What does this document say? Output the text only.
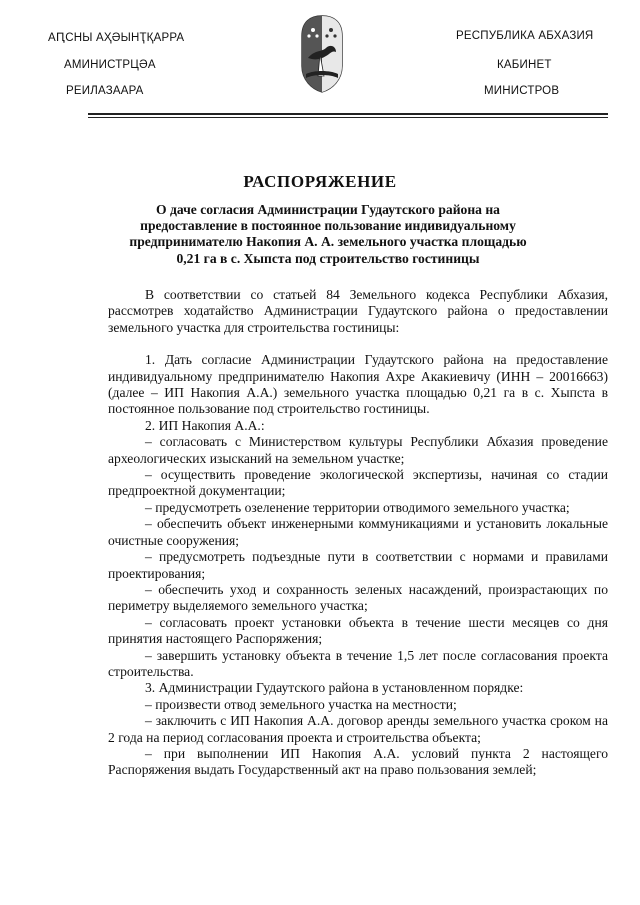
АԤСНЫ АҲӘЫНҬҚАРРА
АМИНИСТРЦӘА
РЕИЛАЗААРА
РЕСПУБЛИКА АБХАЗИЯ
КАБИНЕТ
МИНИСТРОВ
РАСПОРЯЖЕНИЕ
О даче согласия Администрации Гудаутского района на
предоставление в постоянное пользование индивидуальному
предпринимателю Накопия А. А. земельного участка площадью
0,21 га в с. Хыпста под строительство гостиницы

В соответствии со статьей 84 Земельного кодекса Республики Абхазия, рассмотрев ходатайство Администрации Гудаутского района о предоставлении земельного участка для строительства гостиницы:

1. Дать согласие Администрации Гудаутского района на предоставление индивидуальному предпринимателю Накопия Ахре Акакиевичу (ИНН – 20016663) (далее – ИП Накопия А.А.) земельного участка площадью 0,21 га в с. Хыпста в постоянное пользование под строительство гостиницы.

2. ИП Накопия А.А.:

– согласовать с Министерством культуры Республики Абхазия проведение археологических изысканий на земельном участке;

– осуществить проведение экологической экспертизы, начиная со стадии предпроектной документации;

– предусмотреть озеленение территории отводимого земельного участка;

– обеспечить объект инженерными коммуникациями и установить локальные очистные сооружения;

– предусмотреть подъездные пути в соответствии с нормами и правилами проектирования;

– обеспечить уход и сохранность зеленых насаждений, произрастающих по периметру выделяемого земельного участка;

– согласовать проект установки объекта в течение шести месяцев со дня принятия настоящего Распоряжения;

– завершить установку объекта в течение 1,5 лет после согласования проекта строительства.

3. Администрации Гудаутского района в установленном порядке:

– произвести отвод земельного участка на местности;

– заключить с ИП Накопия А.А. договор аренды земельного участка сроком на 2 года на период согласования проекта и строительства объекта;

– при выполнении ИП Накопия А.А. условий пункта 2 настоящего Распоряжения выдать Государственный акт на право пользования землей;
